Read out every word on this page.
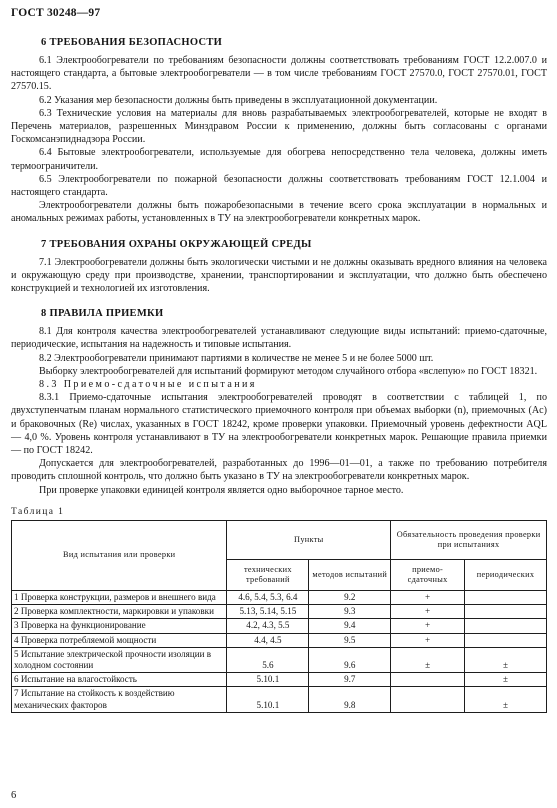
ГОСТ 30248—97
6 ТРЕБОВАНИЯ БЕЗОПАСНОСТИ

6.1 Электрообогреватели по требованиям безопасности должны соответствовать требованиям ГОСТ 12.2.007.0 и настоящего стандарта, а бытовые электрообогреватели — в том числе требованиям ГОСТ 27570.0, ГОСТ 27570.01, ГОСТ 27570.15.

6.2 Указания мер безопасности должны быть приведены в эксплуатационной документации.

6.3 Технические условия на материалы для вновь разрабатываемых электрообогревателей, которые не входят в Перечень материалов, разрешенных Минздравом России к применению, должны быть согласованы с органами Госкомсанэпиднадзора России.

6.4 Бытовые электрообогреватели, используемые для обогрева непосредственно тела человека, должны иметь термоограничители.

6.5 Электрообогреватели по пожарной безопасности должны соответствовать требованиям ГОСТ 12.1.004 и настоящего стандарта.

Электрообогреватели должны быть пожаробезопасными в течение всего срока эксплуатации в нормальных и аномальных режимах работы, установленных в ТУ на электрообогреватели конкретных марок.

7 ТРЕБОВАНИЯ ОХРАНЫ ОКРУЖАЮЩЕЙ СРЕДЫ

7.1 Электрообогреватели должны быть экологически чистыми и не должны оказывать вредного влияния на человека и окружающую среду при производстве, хранении, транспортировании и эксплуатации, что должно быть обеспечено конструкцией и технологией их изготовления.

8 ПРАВИЛА ПРИЕМКИ

8.1 Для контроля качества электрообогревателей устанавливают следующие виды испытаний: приемо-сдаточные, периодические, испытания на надежность и типовые испытания.

8.2 Электрообогреватели принимают партиями в количестве не менее 5 и не более 5000 шт.

Выборку электрообогревателей для испытаний формируют методом случайного отбора «вслепую» по ГОСТ 18321.

8.3 Приемо-сдаточные испытания

8.3.1 Приемо-сдаточные испытания электрообогревателей проводят в соответствии с таблицей 1, по двухступенчатым планам нормального статистического приемочного контроля при объемах выборки (n), приемочных (Ac) и браковочных (Re) числах, указанных в ГОСТ 18242, кроме проверки упаковки. Приемочный уровень дефектности AQL — 4,0 %. Уровень контроля устанавливают в ТУ на электрообогреватели конкретных марок. Решающие правила приемки — по ГОСТ 18242.

Допускается для электрообогревателей, разработанных до 1996—01—01, а также по требованию потребителя проводить сплошной контроль, что должно быть указано в ТУ на электрообогреватели конкретных марок.

При проверке упаковки единицей контроля является одно выборочное тарное место.

Таблица 1
Вид испытания или проверки	Пункты		Обязательность проведения проверки при испытаниях	
	технических требований	методов испытаний	приемо-сдаточных	периодических
1 Проверка конструкции, размеров и внешнего вида	4.6, 5.4, 5.3, 6.4	9.2	+	
2 Проверка комплектности, маркировки и упаковки	5.13, 5.14, 5.15	9.3	+	
3 Проверка на функционирование	4.2, 4.3, 5.5	9.4	+	
4 Проверка потребляемой мощности	4.4, 4.5	9.5	+	
5 Испытание электрической прочности изоляции в холодном состоянии	5.6	9.6	±	±
6 Испытание на влагостойкость	5.10.1	9.7		±
7 Испытание на стойкость к воздействию механических факторов	5.10.1	9.8		±
6
